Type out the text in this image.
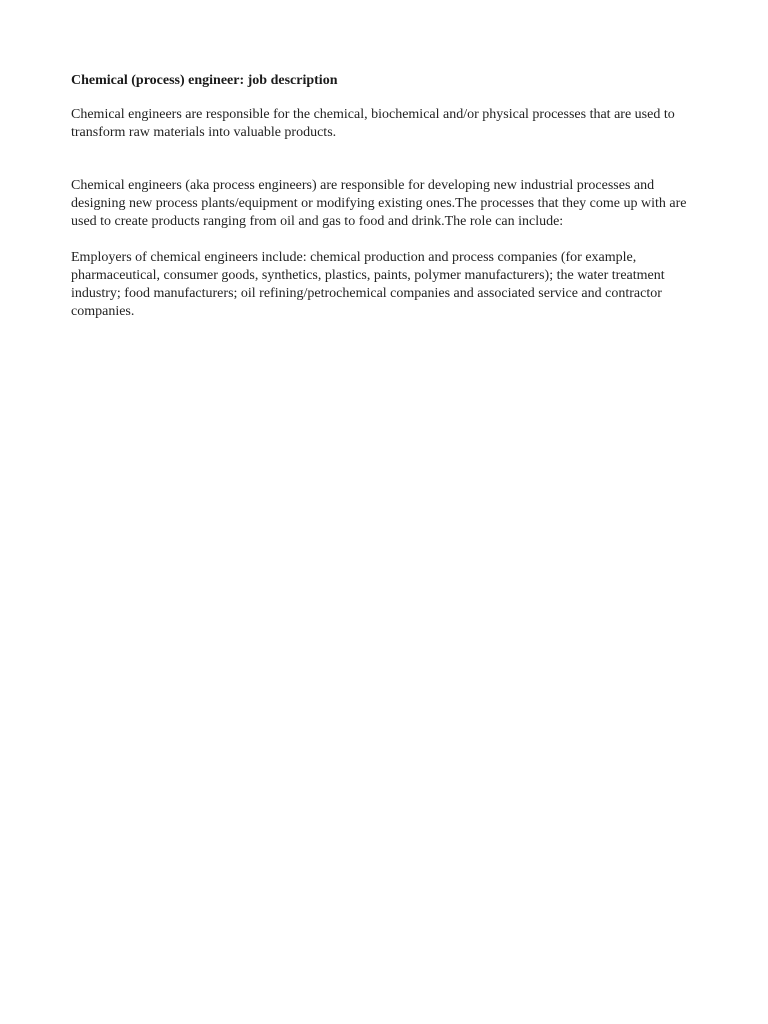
Chemical (process) engineer: job description

Chemical engineers are responsible for the chemical, biochemical and/or physical processes that are used to transform raw materials into valuable products.

Chemical engineers (aka process engineers) are responsible for developing new industrial processes and designing new process plants/equipment or modifying existing ones.The processes that they come up with are used to create products ranging from oil and gas to food and drink.The role can include:

Employers of chemical engineers include: chemical production and process companies (for example, pharmaceutical, consumer goods, synthetics, plastics, paints, polymer manufacturers); the water treatment industry; food manufacturers; oil refining/petrochemical companies and associated service and contractor companies.
